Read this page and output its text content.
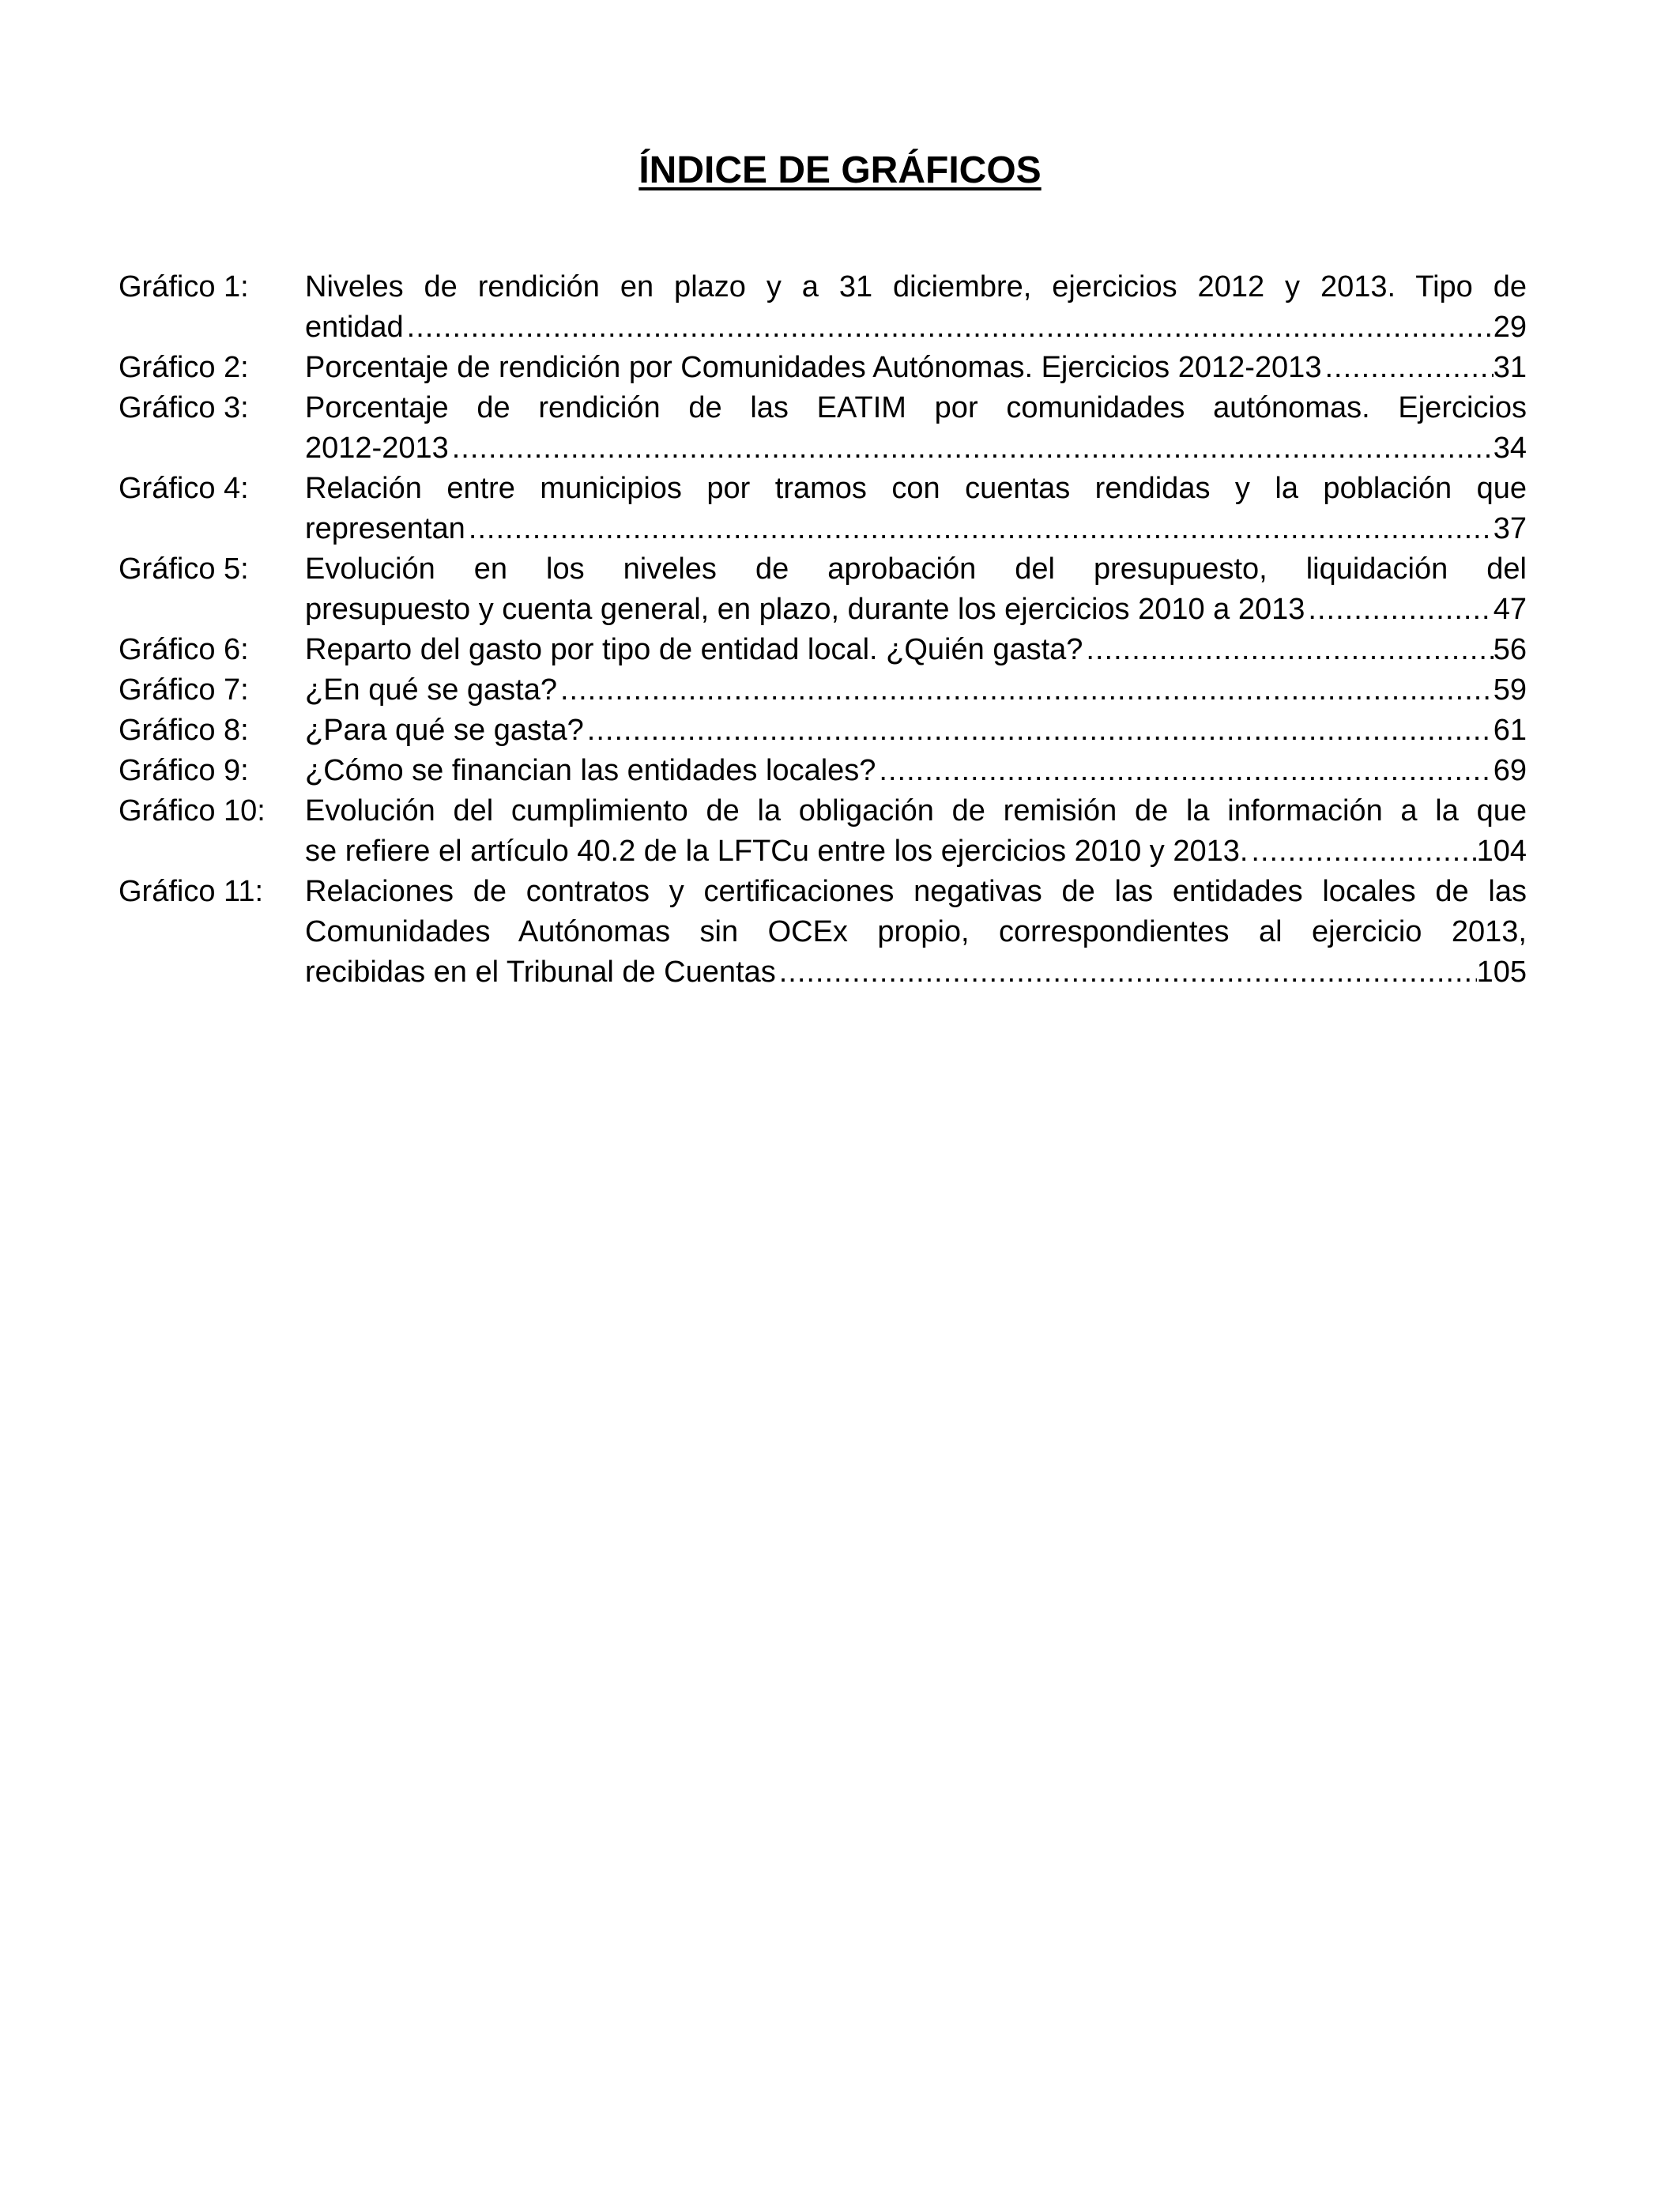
ÍNDICE DE GRÁFICOS
Gráfico 1:	Niveles de rendición en plazo y a 31 diciembre, ejercicios 2012 y 2013. Tipo de
entidad .....	29
Gráfico 2:	Porcentaje de rendición por Comunidades Autónomas. Ejercicios 2012-2013 .....	31
Gráfico 3:	Porcentaje de rendición de las EATIM por comunidades autónomas. Ejercicios
2012-2013 .....	34
Gráfico 4:	Relación entre municipios por tramos con cuentas rendidas y la población que
representan .....	37
Gráfico 5:	Evolución en los niveles de aprobación del presupuesto, liquidación del
presupuesto y cuenta general, en plazo, durante los ejercicios 2010 a 2013 .....	47
Gráfico 6:	Reparto del gasto por tipo de entidad local. ¿Quién gasta? .....	56
Gráfico 7:	¿En qué se gasta? .....	59
Gráfico 8:	¿Para qué se gasta? .....	61
Gráfico 9:	¿Cómo se financian las entidades locales? .....	69
Gráfico 10:	Evolución del cumplimiento de la obligación de remisión de la información a la que
se refiere el artículo 40.2 de la LFTCu entre los ejercicios 2010 y 2013. .....	104
Gráfico 11:	Relaciones de contratos y certificaciones negativas de las entidades locales de las
Comunidades Autónomas sin OCEx propio, correspondientes al ejercicio 2013,
recibidas en el Tribunal de Cuentas .....	105
